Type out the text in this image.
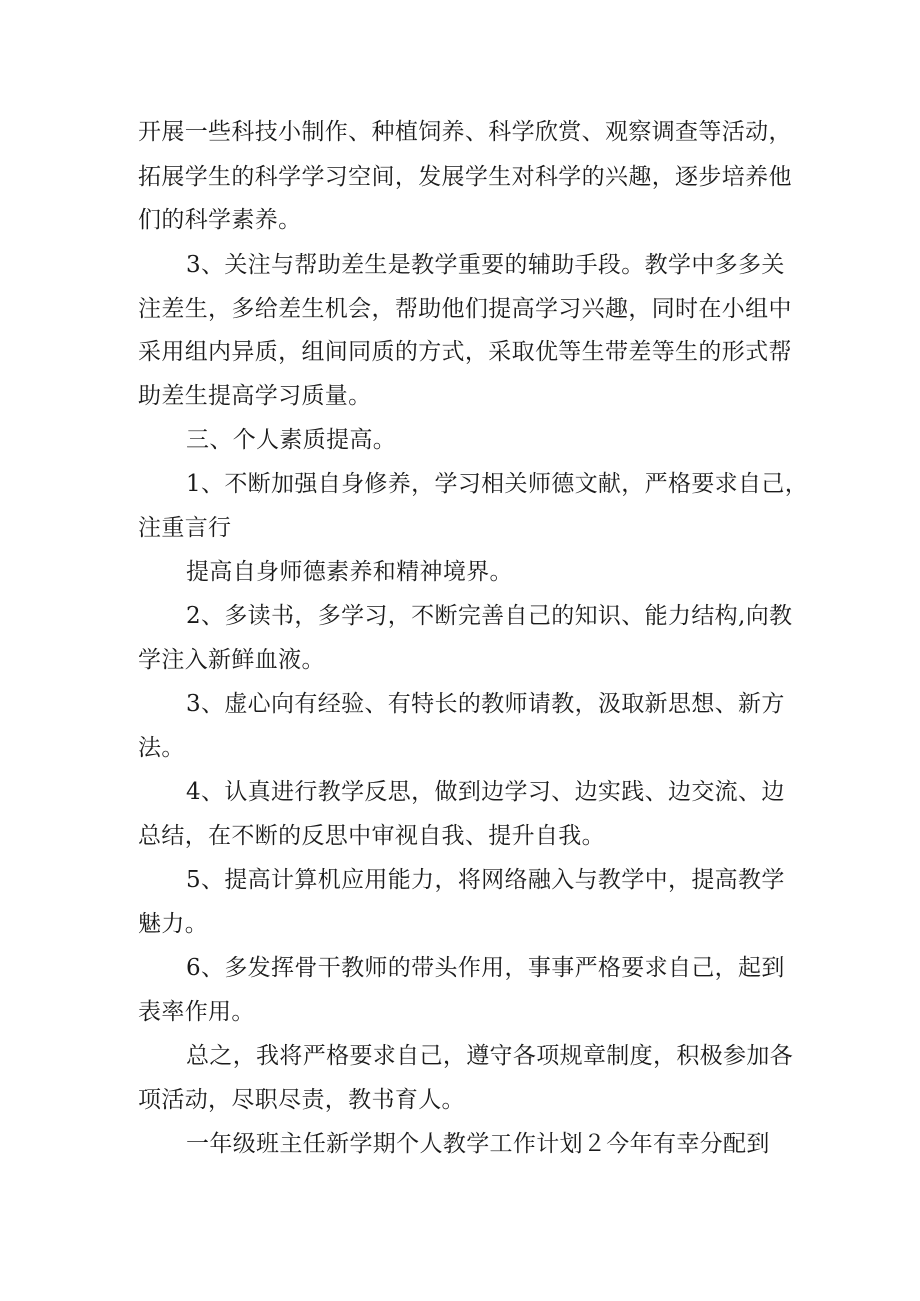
开展一些科技小制作、种植饲养、科学欣赏、观察调查等活动，

拓展学生的科学学习空间，发展学生对科学的兴趣，逐步培养他

们的科学素养。

3、关注与帮助差生是教学重要的辅助手段。教学中多多关

注差生，多给差生机会，帮助他们提高学习兴趣，同时在小组中

采用组内异质，组间同质的方式，采取优等生带差等生的形式帮

助差生提高学习质量。

三、个人素质提高。

1、不断加强自身修养，学习相关师德文献，严格要求自己，

注重言行

提高自身师德素养和精神境界。

2、多读书，多学习，不断完善自己的知识、能力结构,向教

学注入新鲜血液。

3、虚心向有经验、有特长的教师请教，汲取新思想、新方

法。

4、认真进行教学反思，做到边学习、边实践、边交流、边

总结，在不断的反思中审视自我、提升自我。

5、提高计算机应用能力，将网络融入与教学中，提高教学

魅力。

6、多发挥骨干教师的带头作用，事事严格要求自己，起到

表率作用。

总之，我将严格要求自己，遵守各项规章制度，积极参加各

项活动，尽职尽责，教书育人。

一年级班主任新学期个人教学工作计划２今年有幸分配到
